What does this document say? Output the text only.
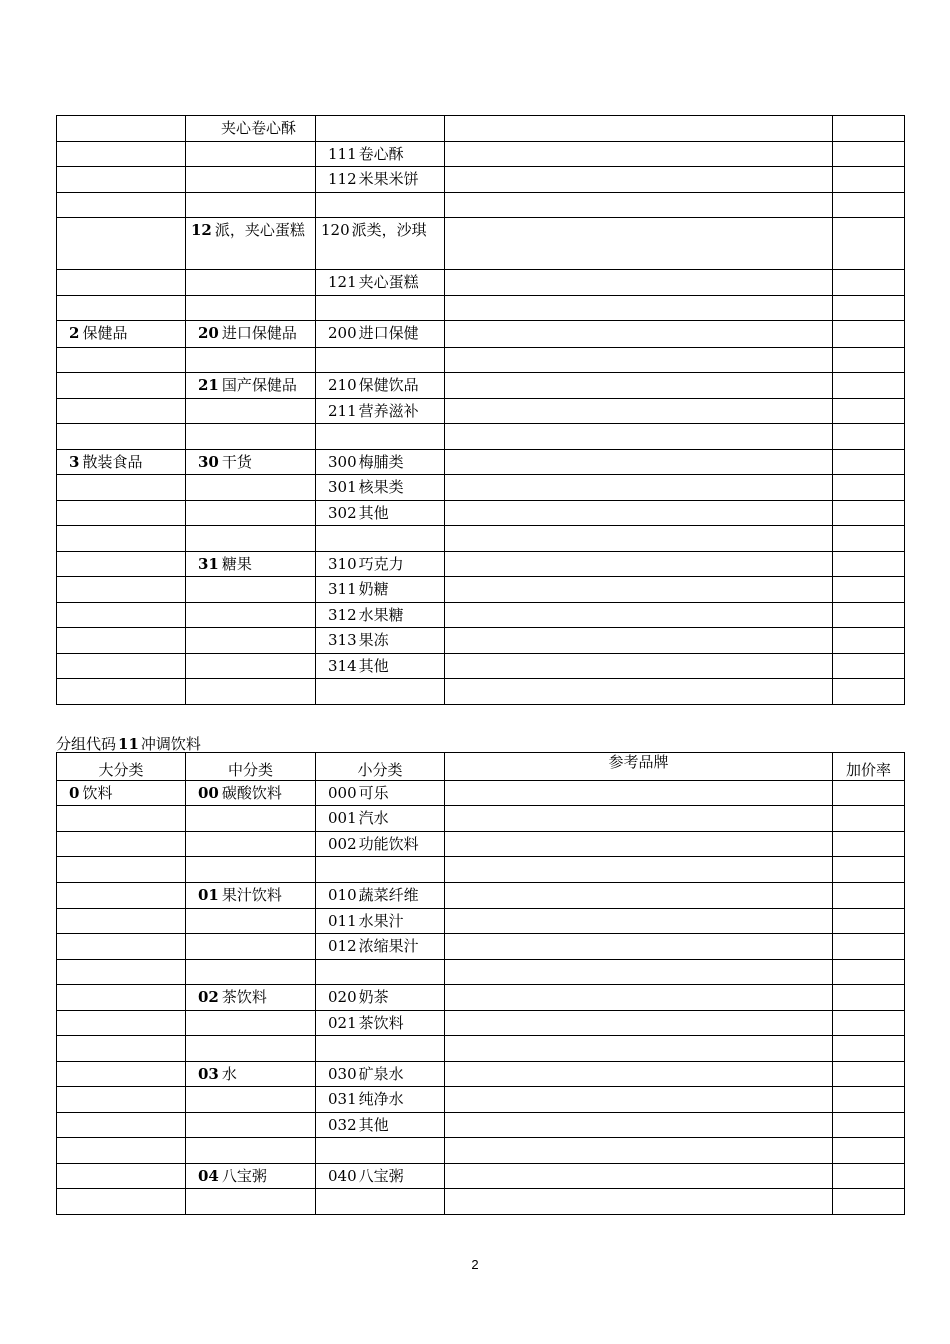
	夹心卷心酥			

		111 卷心酥		

		112 米果米饼		

	12 派，夹心蛋糕	120 派类，沙琪		

		121 夹心蛋糕		

2 保健品	20 进口保健品	200 进口保健		

	21 国产保健品	210 保健饮品		

		211 营养滋补		

3 散装食品	30 干货	300 梅脯类		

		301 核果类		

		302 其他		

	31 糖果	310 巧克力		

		311 奶糖		

		312 水果糖		

		313 果冻		

		314 其他		

分组代码 11 冲调饮料
大分类	中分类	小分类	参考品牌	加价率

0 饮料	00 碳酸饮料	000 可乐		

		001 汽水		

		002 功能饮料		

	01 果汁饮料	010 蔬菜纤维		

		011 水果汁		

		012 浓缩果汁		

	02 茶饮料	020 奶茶		

		021 茶饮料		

	03 水	030 矿泉水		

		031 纯净水		

		032 其他		

	04 八宝粥	040 八宝粥		

2
